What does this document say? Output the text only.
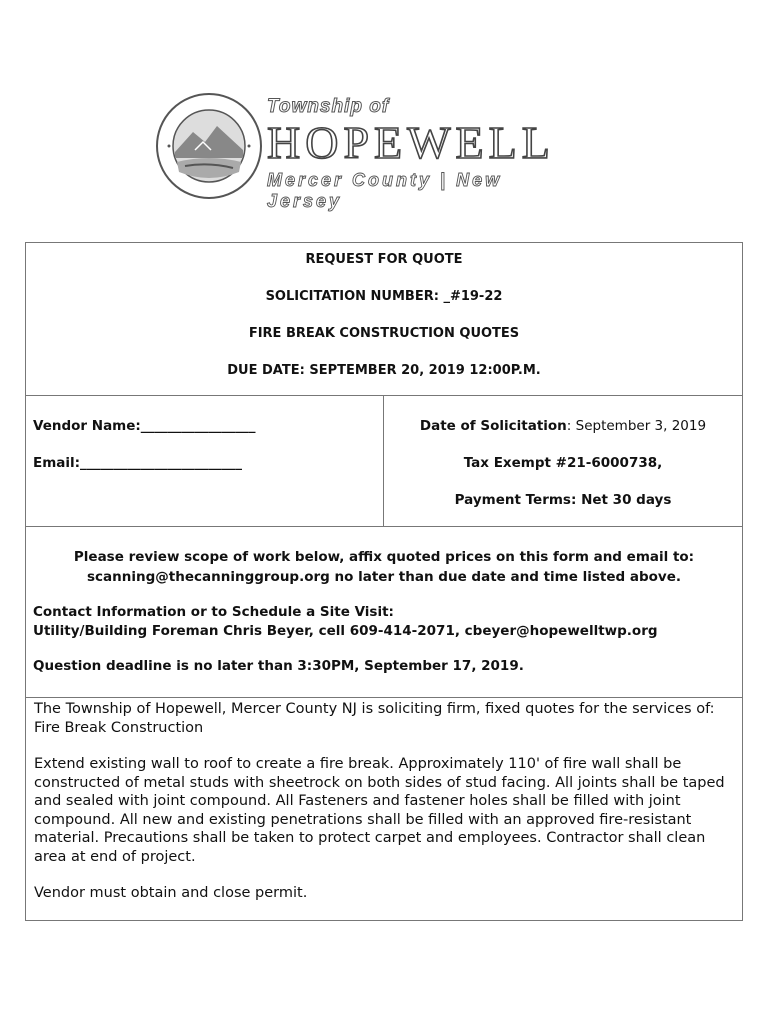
Township of
HOPEWELL
Mercer County | New Jersey
REQUEST FOR QUOTE
SOLICITATION NUMBER: _#19-22
FIRE BREAK CONSTRUCTION QUOTES
DUE DATE: SEPTEMBER 20, 2019 12:00P.M.
Vendor Name:_________________
Email:________________________
Date of Solicitation: September 3, 2019
Tax Exempt #21-6000738,
Payment Terms: Net 30 days
Please review scope of work below, affix quoted prices on this form and email to:
scanning@thecanninggroup.org no later than due date and time listed above.

Contact Information or to Schedule a Site Visit:

Utility/Building Foreman Chris Beyer, cell 609-414-2071, cbeyer@hopewelltwp.org

Question deadline is no later than 3:30PM, September 17, 2019.

The Township of Hopewell, Mercer County NJ is soliciting firm, fixed quotes for the services of: Fire Break Construction

Extend existing wall to roof to create a fire break. Approximately 110' of fire wall shall be constructed of metal studs with sheetrock on both sides of stud facing. All joints shall be taped and sealed with joint compound. All Fasteners and fastener holes shall be filled with joint compound. All new and existing penetrations shall be filled with an approved fire-resistant material. Precautions shall be taken to protect carpet and employees. Contractor shall clean area at end of project.

Vendor must obtain and close permit.
